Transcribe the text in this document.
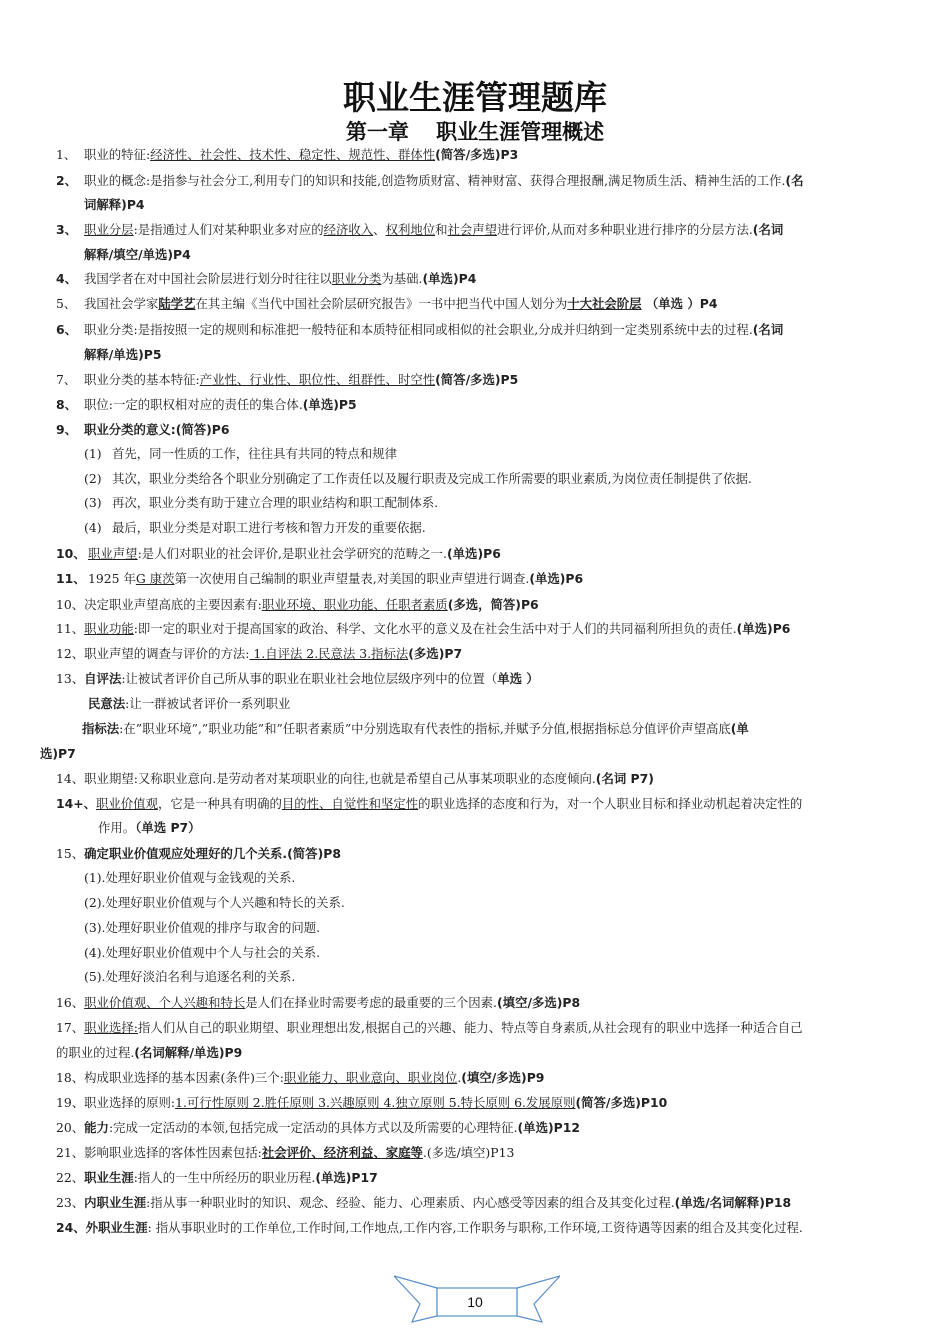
职业生涯管理题库
第一章 职业生涯管理概述
1、 职业的特征:经济性、社会性、技术性、稳定性、规范性、群体性(简答/多选)P3
2、 职业的概念:是指参与社会分工,利用专门的知识和技能,创造物质财富、精神财富、获得合理报酬,满足物质生活、精神生活的工作.(名
词解释)P4
3、 职业分层:是指通过人们对某种职业多对应的经济收入、权利地位和社会声望进行评价,从而对多种职业进行排序的分层方法.(名词
解释/填空/单选)P4
4、 我国学者在对中国社会阶层进行划分时往往以职业分类为基础.(单选)P4
5、 我国社会学家陆学艺在其主编《当代中国社会阶层研究报告》一书中把当代中国人划分为十大社会阶层 （单选 ）P4
6、 职业分类:是指按照一定的规则和标准把一般特征和本质特征相同或相似的社会职业,分成并归纳到一定类别系统中去的过程.(名词
解释/单选)P5
7、 职业分类的基本特征:产业性、行业性、职位性、组群性、时空性(简答/多选)P5
8、 职位:一定的职权相对应的责任的集合体.(单选)P5
9、 职业分类的意义:(简答)P6
(1) 首先，同一性质的工作，往往具有共同的特点和规律
(2) 其次，职业分类给各个职业分别确定了工作责任以及履行职责及完成工作所需要的职业素质,为岗位责任制提供了依据.
(3) 再次，职业分类有助于建立合理的职业结构和职工配制体系.
(4) 最后，职业分类是对职工进行考核和智力开发的重要依据.
10、 职业声望:是人们对职业的社会评价,是职业社会学研究的范畴之一.(单选)P6
11、 1925 年G 康茨第一次使用自己编制的职业声望量表,对美国的职业声望进行调查.(单选)P6
10、决定职业声望高底的主要因素有:职业环境、职业功能、任职者素质(多选，简答)P6
11、职业功能:即一定的职业对于提高国家的政治、科学、文化水平的意义及在社会生活中对于人们的共同福利所担负的责任.(单选)P6
12、职业声望的调查与评价的方法: 1.自评法 2.民意法 3.指标法(多选)P7
13、自评法:让被试者评价自己所从事的职业在职业社会地位层级序列中的位置（单选 ）
民意法:让一群被试者评价一系列职业
指标法:在”职业环境”,”职业功能”和”任职者素质”中分别选取有代表性的指标,并赋予分值,根据指标总分值评价声望高底(单
选)P7
14、职业期望:又称职业意向.是劳动者对某项职业的向往,也就是希望自己从事某项职业的态度倾向.(名词 P7)
14+、职业价值观，它是一种具有明确的目的性、自觉性和坚定性的职业选择的态度和行为，对一个人职业目标和择业动机起着决定性的
作用。（单选 P7）
15、确定职业价值观应处理好的几个关系.(简答)P8
(1).处理好职业价值观与金钱观的关系.
(2).处理好职业价值观与个人兴趣和特长的关系.
(3).处理好职业价值观的排序与取舍的问题.
(4).处理好职业价值观中个人与社会的关系.
(5).处理好淡泊名利与追逐名利的关系.
16、职业价值观、个人兴趣和特长是人们在择业时需要考虑的最重要的三个因素.(填空/多选)P8
17、职业选择:指人们从自己的职业期望、职业理想出发,根据自己的兴趣、能力、特点等自身素质,从社会现有的职业中选择一种适合自己
的职业的过程.(名词解释/单选)P9
18、构成职业选择的基本因素(条件)三个:职业能力、职业意向、职业岗位.(填空/多选)P9
19、职业选择的原则:1.可行性原则 2.胜任原则 3.兴趣原则 4.独立原则 5.特长原则 6.发展原则(简答/多选)P10
20、能力:完成一定活动的本领,包括完成一定活动的具体方式以及所需要的心理特征.(单选)P12
21、影响职业选择的客体性因素包括:社会评价、经济利益、家庭等.(多选/填空)P13
22、职业生涯:指人的一生中所经历的职业历程.(单选)P17
23、内职业生涯:指从事一种职业时的知识、观念、经验、能力、心理素质、内心感受等因素的组合及其变化过程.(单选/名词解释)P18
24、外职业生涯: 指从事职业时的工作单位,工作时间,工作地点,工作内容,工作职务与职称,工作环境,工资待遇等因素的组合及其变化过程.
10
